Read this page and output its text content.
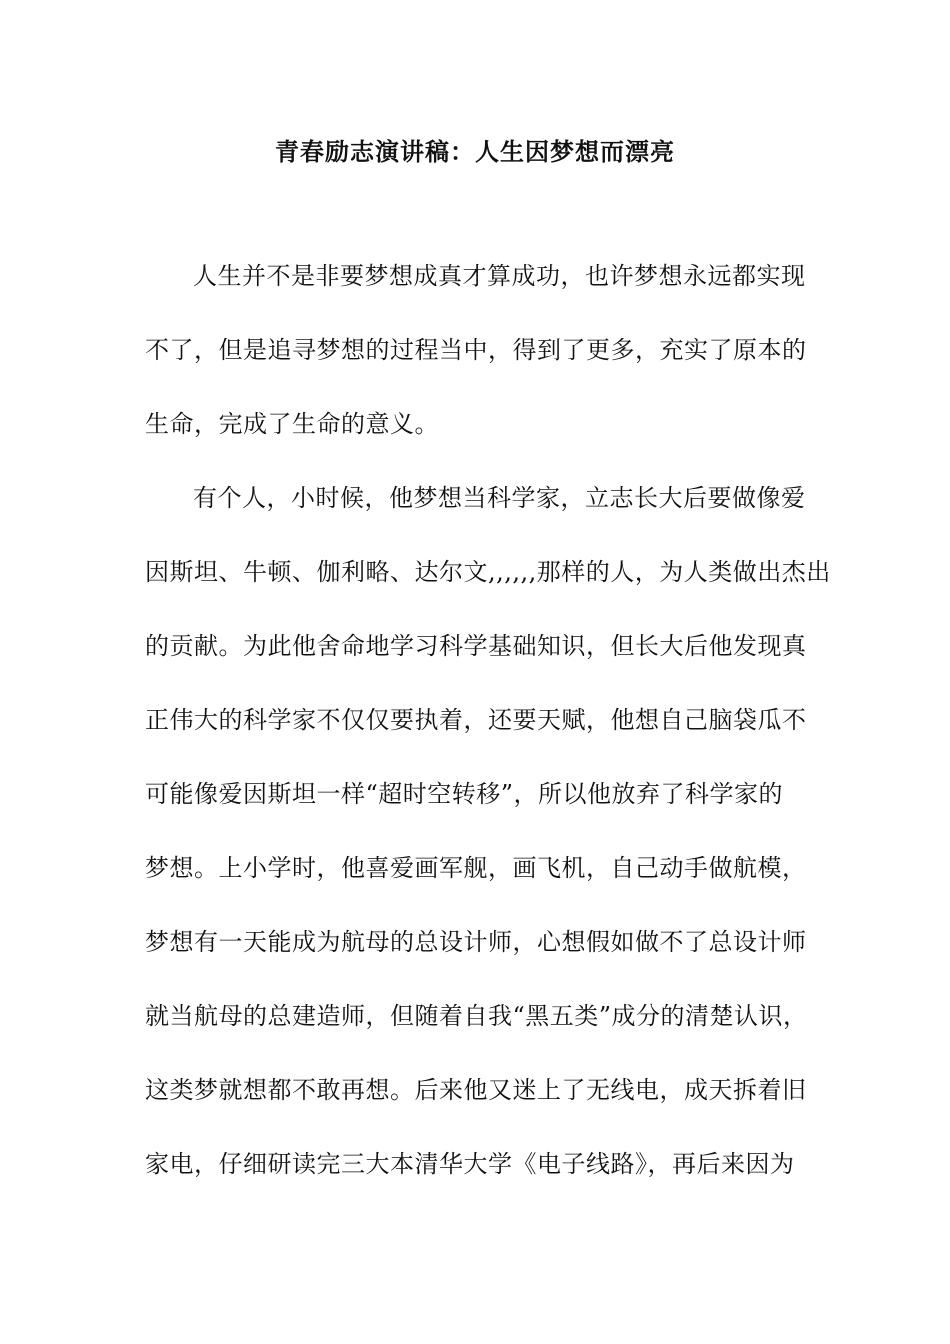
青春励志演讲稿：人生因梦想而漂亮
人生并不是非要梦想成真才算成功，也许梦想永远都实现
不了，但是追寻梦想的过程当中，得到了更多，充实了原本的
生命，完成了生命的意义。
有个人，小时候，他梦想当科学家，立志长大后要做像爱
因斯坦、牛顿、伽利略、达尔文,,,,,,那样的人，为人类做出杰出
的贡献。为此他舍命地学习科学基础知识，但长大后他发现真
正伟大的科学家不仅仅要执着，还要天赋，他想自己脑袋瓜不
可能像爱因斯坦一样“超时空转移”，所以他放弃了科学家的
梦想。上小学时，他喜爱画军舰，画飞机，自己动手做航模，
梦想有一天能成为航母的总设计师，心想假如做不了总设计师
就当航母的总建造师，但随着自我“黑五类”成分的清楚认识，
这类梦就想都不敢再想。后来他又迷上了无线电，成天拆着旧
家电，仔细研读完三大本清华大学《电子线路》，再后来因为
